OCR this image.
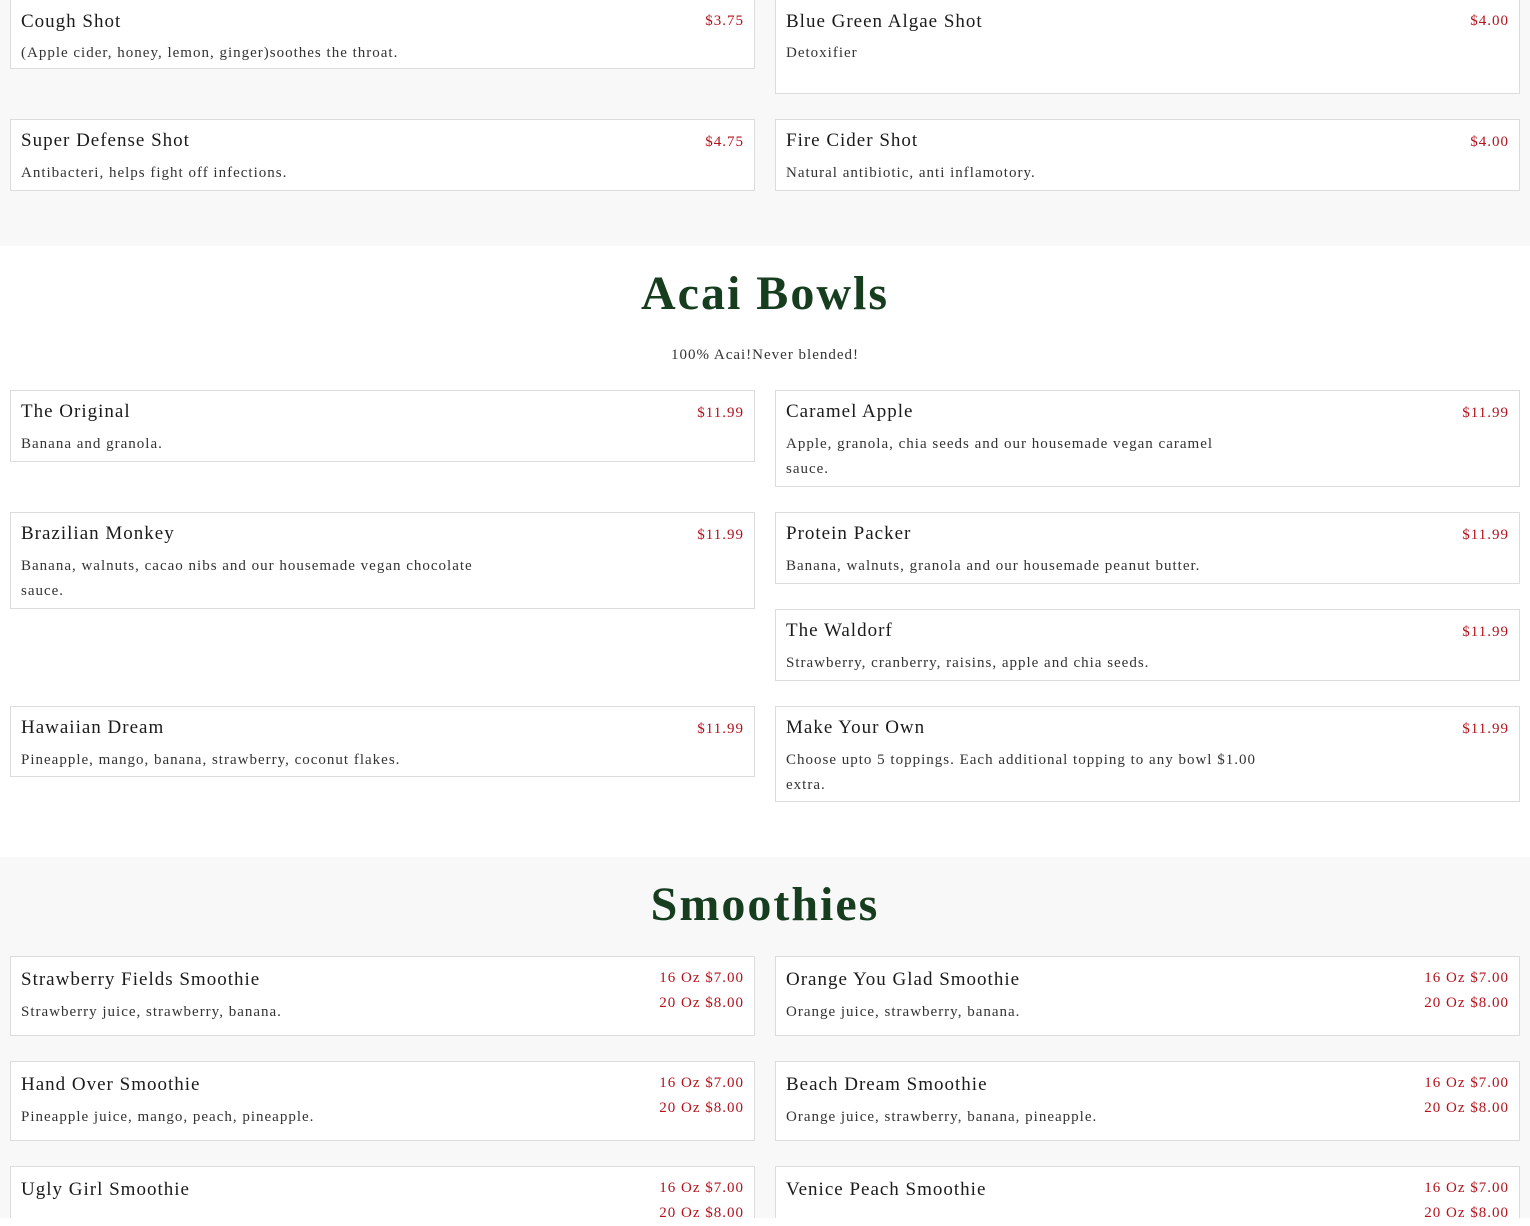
Cough Shot	$3.75
(Apple cider, honey, lemon, ginger)soothes the throat.
Blue Green Algae Shot	$4.00
Detoxifier
Super Defense Shot	$4.75
Antibacteri, helps fight off infections.
Fire Cider Shot	$4.00
Natural antibiotic, anti inflamotory.
Acai Bowls
100% Acai!Never blended!
The Original	$11.99
Banana and granola.
Caramel Apple	$11.99
Apple, granola, chia seeds and our housemade vegan caramel sauce.
Brazilian Monkey	$11.99
Banana, walnuts, cacao nibs and our housemade vegan chocolate sauce.
Protein Packer	$11.99
Banana, walnuts, granola and our housemade peanut butter.
The Waldorf	$11.99
Strawberry, cranberry, raisins, apple and chia seeds.
Hawaiian Dream	$11.99
Pineapple, mango, banana, strawberry, coconut flakes.
Make Your Own	$11.99
Choose upto 5 toppings. Each additional topping to any bowl $1.00 extra.
Smoothies
Strawberry Fields Smoothie	16 Oz $7.00
20 Oz $8.00
Strawberry juice, strawberry, banana.
Orange You Glad Smoothie	16 Oz $7.00
20 Oz $8.00
Orange juice, strawberry, banana.
Hand Over Smoothie	16 Oz $7.00
20 Oz $8.00
Pineapple juice, mango, peach, pineapple.
Beach Dream Smoothie	16 Oz $7.00
20 Oz $8.00
Orange juice, strawberry, banana, pineapple.
Ugly Girl Smoothie	16 Oz $7.00
20 Oz $8.00
Venice Peach Smoothie	16 Oz $7.00
20 Oz $8.00
